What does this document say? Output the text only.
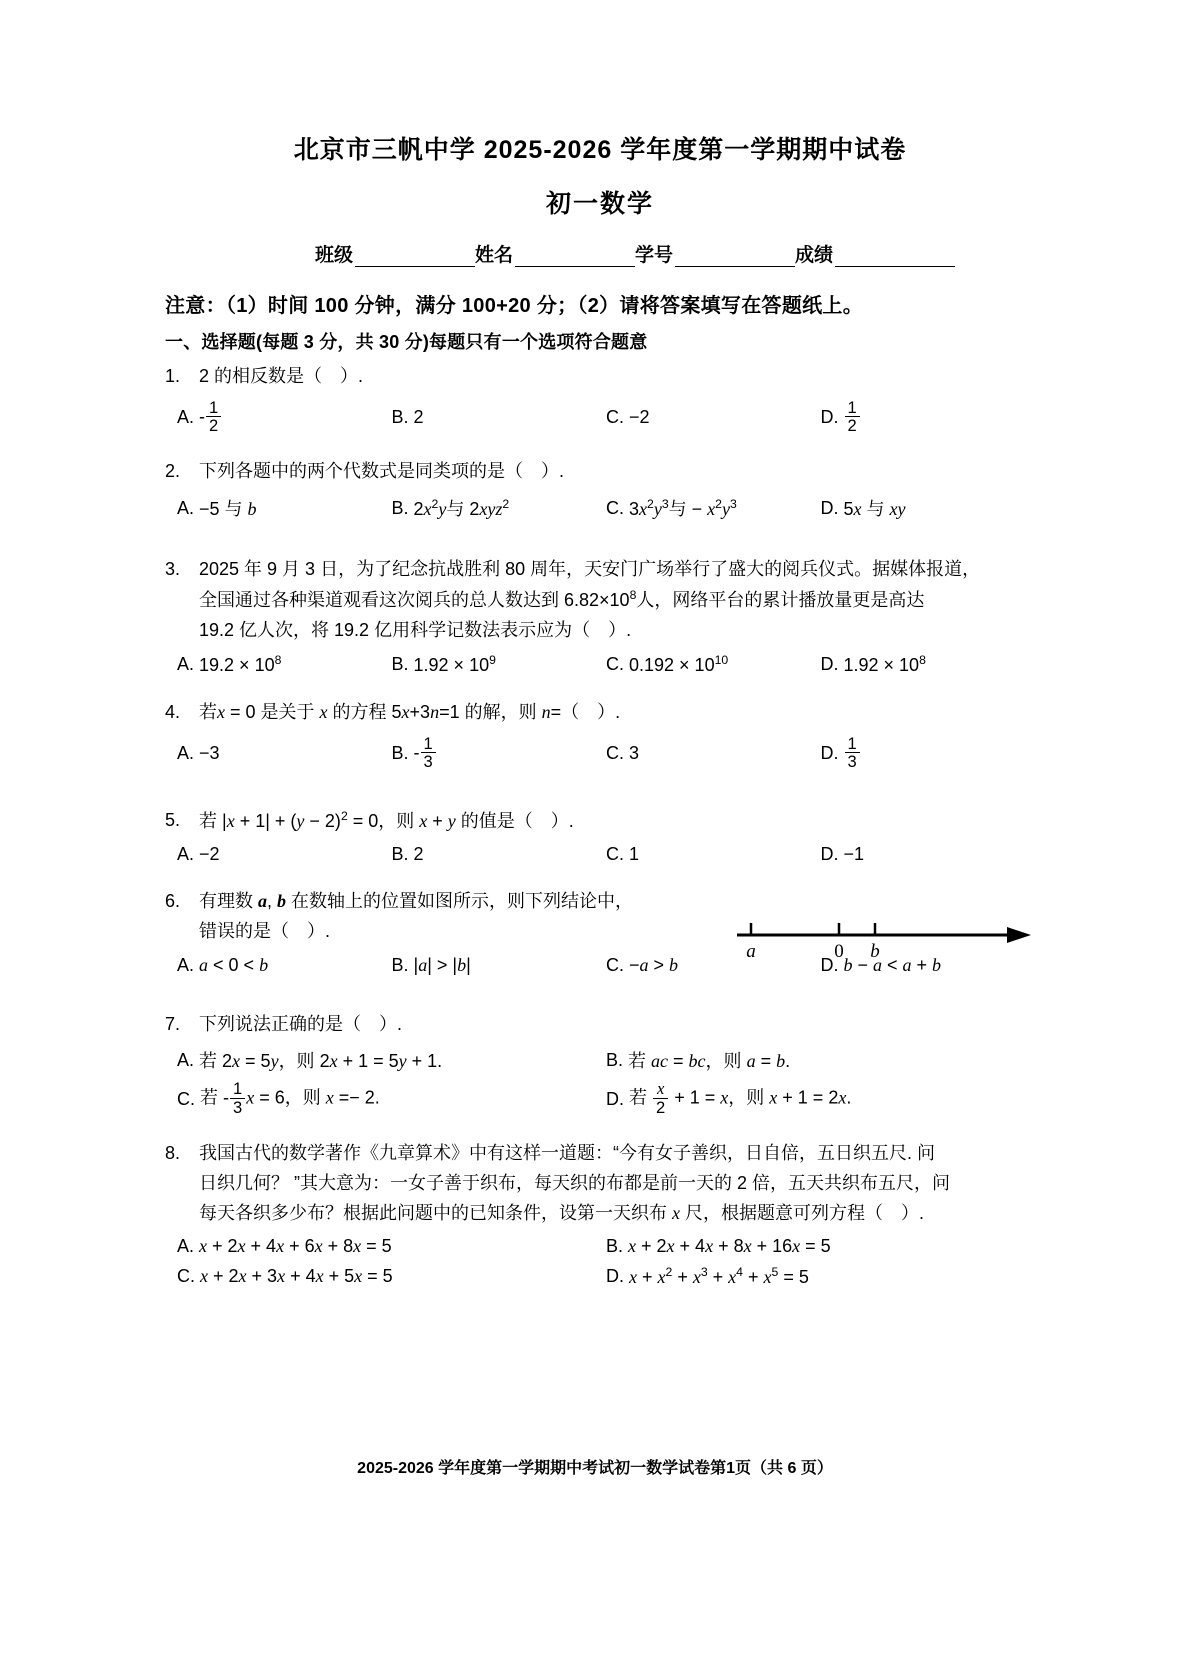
北京市三帆中学 2025-2026 学年度第一学期期中试卷
初一数学
班级	姓名	学号	成绩
注意：（1）时间 100 分钟，满分 100+20 分；（2）请将答案填写在答题纸上。
一、选择题(每题 3 分，共 30 分)每题只有一个选项符合题意
1.	2 的相反数是（　）.
A. - $\frac{1}{2}$	B. 2	C. −2	D. $\frac{1}{2}$
2.	下列各题中的两个代数式是同类项的是（　）.
A. −5 与 b	B. $2x^2y$与 2xyz$^2$	C. $3x^2y^3$与 − $x^2y^3$	D. 5x 与 xy
3.	2025 年 9 月 3 日，为了纪念抗战胜利 80 周年，天安门广场举行了盛大的阅兵仪式。据媒体报道，
全国通过各种渠道观看这次阅兵的总人数达到 $6.82\times 10^8$人，网络平台的累计播放量更是高达
19.2 亿人次，将 19.2 亿用科学记数法表示应为（　）.
A. $19.2 \times 10^8$	B. $1.92 \times 10^9$	C. $0.192 \times 10^{10}$	D. $1.92 \times 10^8$
4.	若x = 0 是关于 x 的方程 5x+3n=1 的解，则 n=（　）.
A. −3	B. - $\frac{1}{3}$	C. 3	D. $\frac{1}{3}$
5.	若 $|x + 1| + (y - 2)^2 = 0$，则 x + y 的值是（　）.
A. −2	B. 2	C. 1	D. −1
6.	有理数 a, b 在数轴上的位置如图所示，则下列结论中，
错误的是（　）.
A. a < 0 < b	B. |a| > |b|	C. −a > b	D. b − a < a + b
7.	下列说法正确的是（　）.
A. 若 2x = 5y，则 2x + 1 = 5y + 1.	B. 若 ac = bc，则 a = b.
C. 若 - $\frac{1}{3}$ x = 6，则 x =− 2.	D. 若 $\frac{x}{2} + 1 = x$，则 x + 1 = 2x.
8.	我国古代的数学著作《九章算术》中有这样一道题：“今有女子善织，日自倍，五日织五尺. 问
日织几何？ ”其大意为：一女子善于织布，每天织的布都是前一天的 2 倍，五天共织布五尺，问
每天各织多少布？根据此问题中的已知条件，设第一天织布 x 尺，根据题意可列方程（　）.
A. x + 2x + 4x + 6x + 8x = 5	B. x + 2x + 4x + 8x + 16x = 5
C. x + 2x + 3x + 4x + 5x = 5	D. $x + x^2 + x^3 + x^4 + x^5 = 5$
a	0 b
2025-2026 学年度第一学期期中考试初一数学试卷第1页（共 6 页）
